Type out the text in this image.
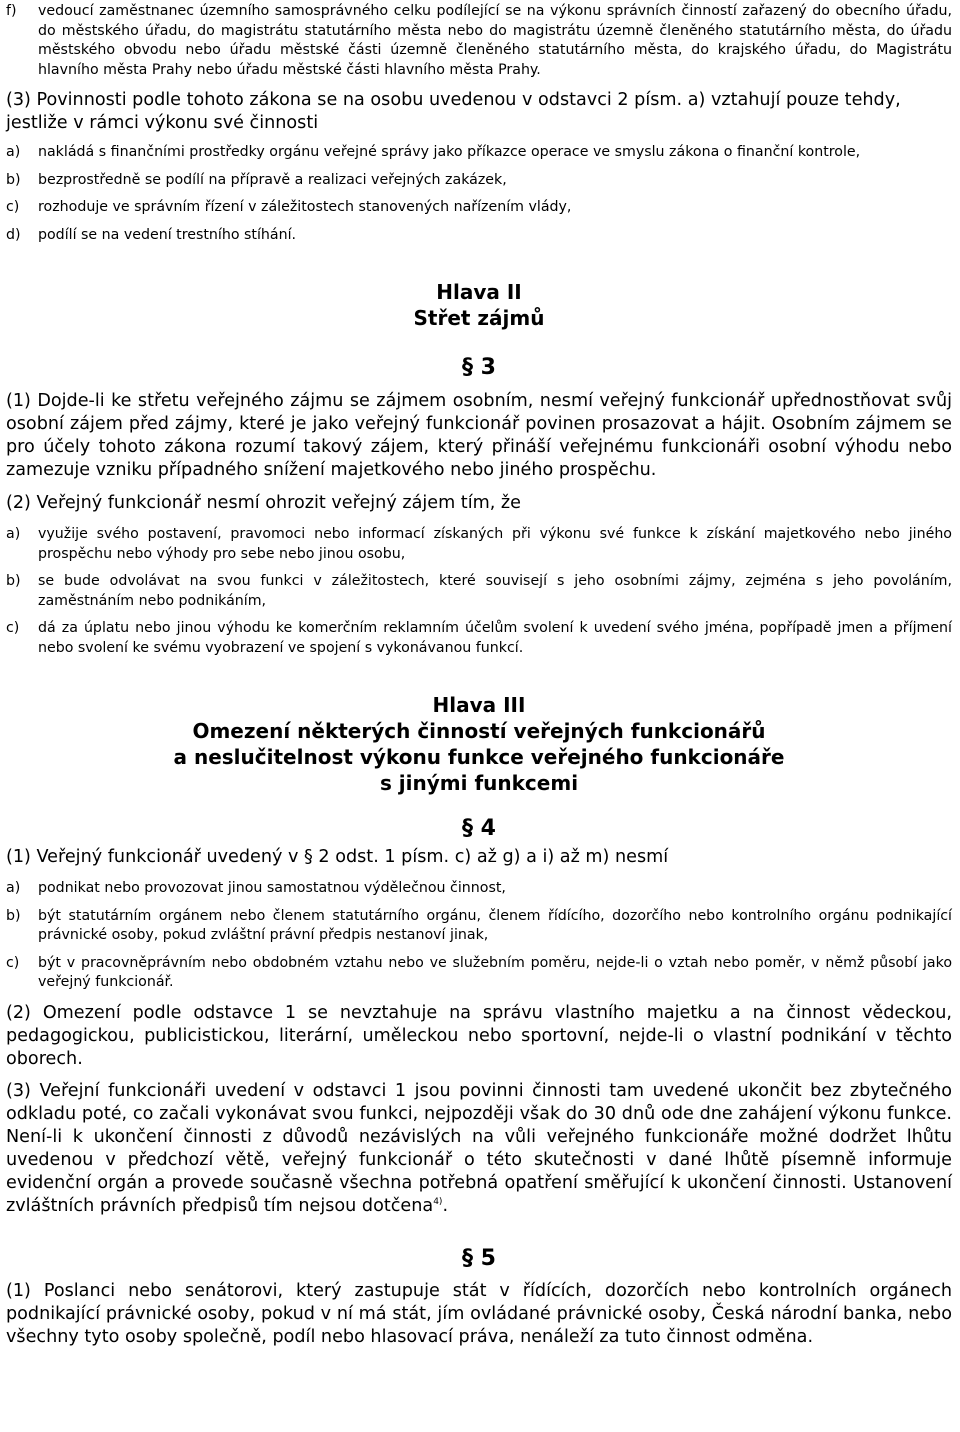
f)	vedoucí zaměstnanec územního samosprávného celku podílející se na výkonu správních činností zařazený do obecního úřadu, do městského úřadu, do magistrátu statutárního města nebo do magistrátu územně členěného statutárního města, do úřadu městského obvodu nebo úřadu městské části územně členěného statutárního města, do krajského úřadu, do Magistrátu hlavního města Prahy nebo úřadu městské části hlavního města Prahy.

(3) Povinnosti podle tohoto zákona se na osobu uvedenou v odstavci 2 písm. a) vztahují pouze tehdy, jestliže v rámci výkonu své činnosti

a)	nakládá s finančními prostředky orgánu veřejné správy jako příkazce operace ve smyslu zákona o finanční kontrole,
b)	bezprostředně se podílí na přípravě a realizaci veřejných zakázek,
c)	rozhoduje ve správním řízení v záležitostech stanovených nařízením vlády,
d)	podílí se na vedení trestního stíhání.

Hlava II

Střet zájmů

§ 3

(1) Dojde-li ke střetu veřejného zájmu se zájmem osobním, nesmí veřejný funkcionář upřednostňovat svůj osobní zájem před zájmy, které je jako veřejný funkcionář povinen prosazovat a hájit. Osobním zájmem se pro účely tohoto zákona rozumí takový zájem, který přináší veřejnému funkcionáři osobní výhodu nebo zamezuje vzniku případného snížení majetkového nebo jiného prospěchu.

(2) Veřejný funkcionář nesmí ohrozit veřejný zájem tím, že

a)	využije svého postavení, pravomoci nebo informací získaných při výkonu své funkce k získání majetkového nebo jiného prospěchu nebo výhody pro sebe nebo jinou osobu,
b)	se bude odvolávat na svou funkci v záležitostech, které souvisejí s jeho osobními zájmy, zejména s jeho povoláním, zaměstnáním nebo podnikáním,
c)	dá za úplatu nebo jinou výhodu ke komerčním reklamním účelům svolení k uvedení svého jména, popřípadě jmen a příjmení nebo svolení ke svému vyobrazení ve spojení s vykonávanou funkcí.

Hlava III

Omezení některých činností veřejných funkcionářů

a neslučitelnost výkonu funkce veřejného funkcionáře

s jinými funkcemi

§ 4

(1) Veřejný funkcionář uvedený v § 2 odst. 1 písm. c) až g) a i) až m) nesmí

a)	podnikat nebo provozovat jinou samostatnou výdělečnou činnost,
b)	být statutárním orgánem nebo členem statutárního orgánu, členem řídícího, dozorčího nebo kontrolního orgánu podnikající právnické osoby, pokud zvláštní právní předpis nestanoví jinak,
c)	být v pracovněprávním nebo obdobném vztahu nebo ve služebním poměru, nejde-li o vztah nebo poměr, v němž působí jako veřejný funkcionář.

(2) Omezení podle odstavce 1 se nevztahuje na správu vlastního majetku a na činnost vědeckou, pedagogickou, publicistickou, literární, uměleckou nebo sportovní, nejde-li o vlastní podnikání v těchto oborech.

(3) Veřejní funkcionáři uvedení v odstavci 1 jsou povinni činnosti tam uvedené ukončit bez zbytečného odkladu poté, co začali vykonávat svou funkci, nejpozději však do 30 dnů ode dne zahájení výkonu funkce. Není-li k ukončení činnosti z důvodů nezávislých na vůli veřejného funkcionáře možné dodržet lhůtu uvedenou v předchozí větě, veřejný funkcionář o této skutečnosti v dané lhůtě písemně informuje evidenční orgán a provede současně všechna potřebná opatření směřující k ukončení činnosti. Ustanovení zvláštních právních předpisů tím nejsou dotčena$^{4)}$.

§ 5

(1) Poslanci nebo senátorovi, který zastupuje stát v řídících, dozorčích nebo kontrolních orgánech podnikající právnické osoby, pokud v ní má stát, jím ovládané právnické osoby, Česká národní banka, nebo všechny tyto osoby společně, podíl nebo hlasovací práva, nenáleží za tuto činnost odměna.
